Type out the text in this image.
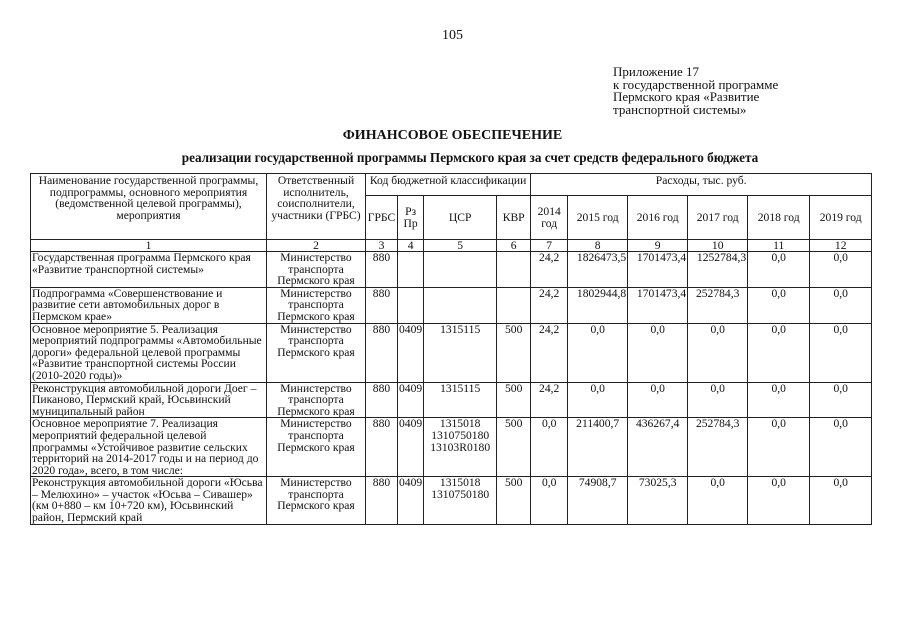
105
Приложение 17
к государственной программе
Пермского края «Развитие
транспортной системы»
ФИНАНСОВОЕ ОБЕСПЕЧЕНИЕ
реализации государственной программы Пермского края за счет средств федерального бюджета
Наименование государственной программы, подпрограммы, основного мероприятия (ведомственной целевой программы), мероприятия	Ответственный исполнитель, соисполнители, участники (ГРБС)	Код бюджетной классификации				Расходы, тыс. руб.					
		ГРБС	Рз Пр	ЦСР	КВР	2014 год	2015 год	2016 год	2017 год	2018 год	2019 год
1	2	3	4	5	6	7	8	9	10	11	12
Государственная программа Пермского края «Развитие транспортной системы»	Министерство транспорта Пермского края	880				24,2	1826473,5	1701473,4	1252784,3	0,0	0,0
Подпрограмма «Совершенствование и развитие сети автомобильных дорог в Пермском крае»	Министерство транспорта Пермского края	880				24,2	1802944,8	1701473,4	252784,3	0,0	0,0
Основное мероприятие 5. Реализация мероприятий подпрограммы «Автомобильные дороги» федеральной целевой программы «Развитие транспортной системы России (2010-2020 годы)»	Министерство транспорта Пермского края	880	0409	1315115	500	24,2	0,0	0,0	0,0	0,0	0,0
Реконструкция автомобильной дороги Доег – Пиканово, Пермский край, Юсьвинский муниципальный район	Министерство транспорта Пермского края	880	0409	1315115	500	24,2	0,0	0,0	0,0	0,0	0,0
Основное мероприятие 7. Реализация мероприятий федеральной целевой программы «Устойчивое развитие сельских территорий на 2014-2017 годы и на период до 2020 года», всего, в том числе:	Министерство транспорта Пермского края	880	0409	1315018 1310750180 13103R0180	500	0,0	211400,7	436267,4	252784,3	0,0	0,0
Реконструкция автомобильной дороги «Юсьва – Мелюхино» – участок «Юсьва – Сивашер» (км 0+880 – км 10+720 км), Юсьвинский район, Пермский край	Министерство транспорта Пермского края	880	0409	1315018 1310750180	500	0,0	74908,7	73025,3	0,0	0,0	0,0
